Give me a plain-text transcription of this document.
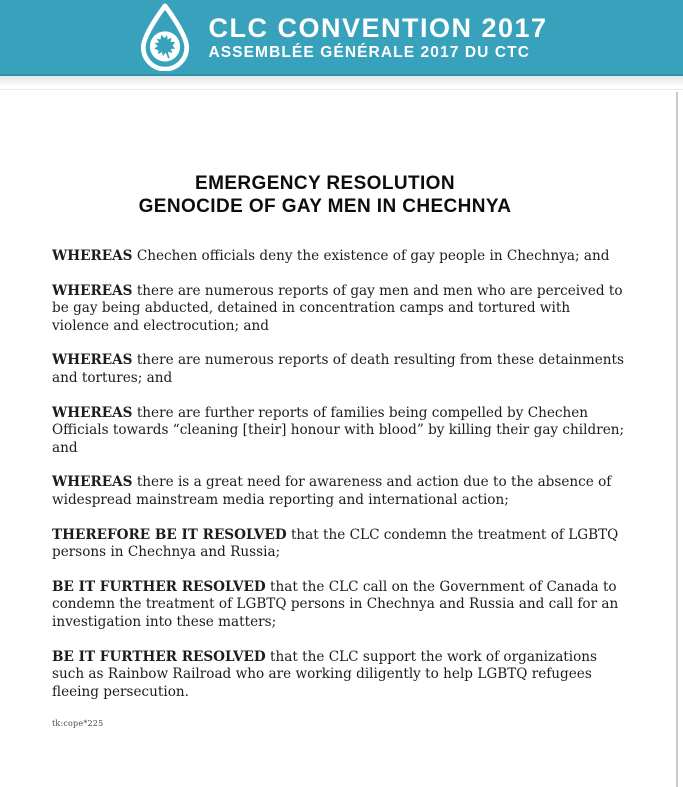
CLC CONVENTION 2017
ASSEMBLÉE GÉNÉRALE 2017 DU CTC
EMERGENCY RESOLUTION
GENOCIDE OF GAY MEN IN CHECHNYA

WHEREAS Chechen officials deny the existence of gay people in Chechnya; and

WHEREAS there are numerous reports of gay men and men who are perceived to be gay being abducted, detained in concentration camps and tortured with violence and electrocution; and

WHEREAS there are numerous reports of death resulting from these detainments and tortures; and

WHEREAS there are further reports of families being compelled by Chechen Officials towards “cleaning [their] honour with blood” by killing their gay children; and

WHEREAS there is a great need for awareness and action due to the absence of widespread mainstream media reporting and international action;

THEREFORE BE IT RESOLVED that the CLC condemn the treatment of LGBTQ persons in Chechnya and Russia;

BE IT FURTHER RESOLVED that the CLC call on the Government of Canada to condemn the treatment of LGBTQ persons in Chechnya and Russia and call for an investigation into these matters;

BE IT FURTHER RESOLVED that the CLC support the work of organizations such as Rainbow Railroad who are working diligently to help LGBTQ refugees fleeing persecution.

tk:cope*225
